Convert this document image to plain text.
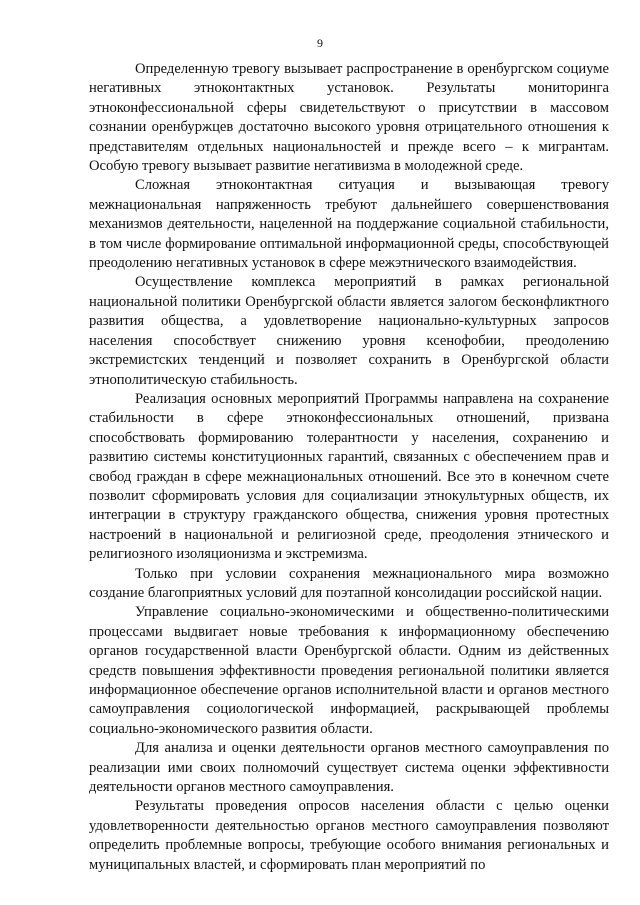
9

Определенную тревогу вызывает распространение в оренбургском социуме негативных этноконтактных установок. Результаты мониторинга этноконфессиональной сферы свидетельствуют о присутствии в массовом сознании оренбуржцев достаточно высокого уровня отрицательного отношения к представителям отдельных национальностей и прежде всего – к мигрантам. Особую тревогу вызывает развитие негативизма в молодежной среде.

Сложная этноконтактная ситуация и вызывающая тревогу межнациональная напряженность требуют дальнейшего совершенствования механизмов деятельности, нацеленной на поддержание социальной стабильности, в том числе формирование оптимальной информационной среды, способствующей преодолению негативных установок в сфере межэтнического взаимодействия.

Осуществление комплекса мероприятий в рамках региональной национальной политики Оренбургской области является залогом бесконфликтного развития общества, а удовлетворение национально-культурных запросов населения способствует снижению уровня ксенофобии, преодолению экстремистских тенденций и позволяет сохранить в Оренбургской области этнополитическую стабильность.

Реализация основных мероприятий Программы направлена на сохранение стабильности в сфере этноконфессиональных отношений, призвана способствовать формированию толерантности у населения, сохранению и развитию системы конституционных гарантий, связанных с обеспечением прав и свобод граждан в сфере межнациональных отношений. Все это в конечном счете позволит сформировать условия для социализации этнокультурных обществ, их интеграции в структуру гражданского общества, снижения уровня протестных настроений в национальной и религиозной среде, преодоления этнического и религиозного изоляционизма и экстремизма.

Только при условии сохранения межнационального мира возможно создание благоприятных условий для поэтапной консолидации российской нации.

Управление социально-экономическими и общественно-политическими процессами выдвигает новые требования к информационному обеспечению органов государственной власти Оренбургской области. Одним из действенных средств повышения эффективности проведения региональной политики является информационное обеспечение органов исполнительной власти и органов местного самоуправления социологической информацией, раскрывающей проблемы социально-экономического развития области.

Для анализа и оценки деятельности органов местного самоуправления по реализации ими своих полномочий существует система оценки эффективности деятельности органов местного самоуправления.

Результаты проведения опросов населения области с целью оценки удовлетворенности деятельностью органов местного самоуправления позволяют определить проблемные вопросы, требующие особого внимания региональных и муниципальных властей, и сформировать план мероприятий по
